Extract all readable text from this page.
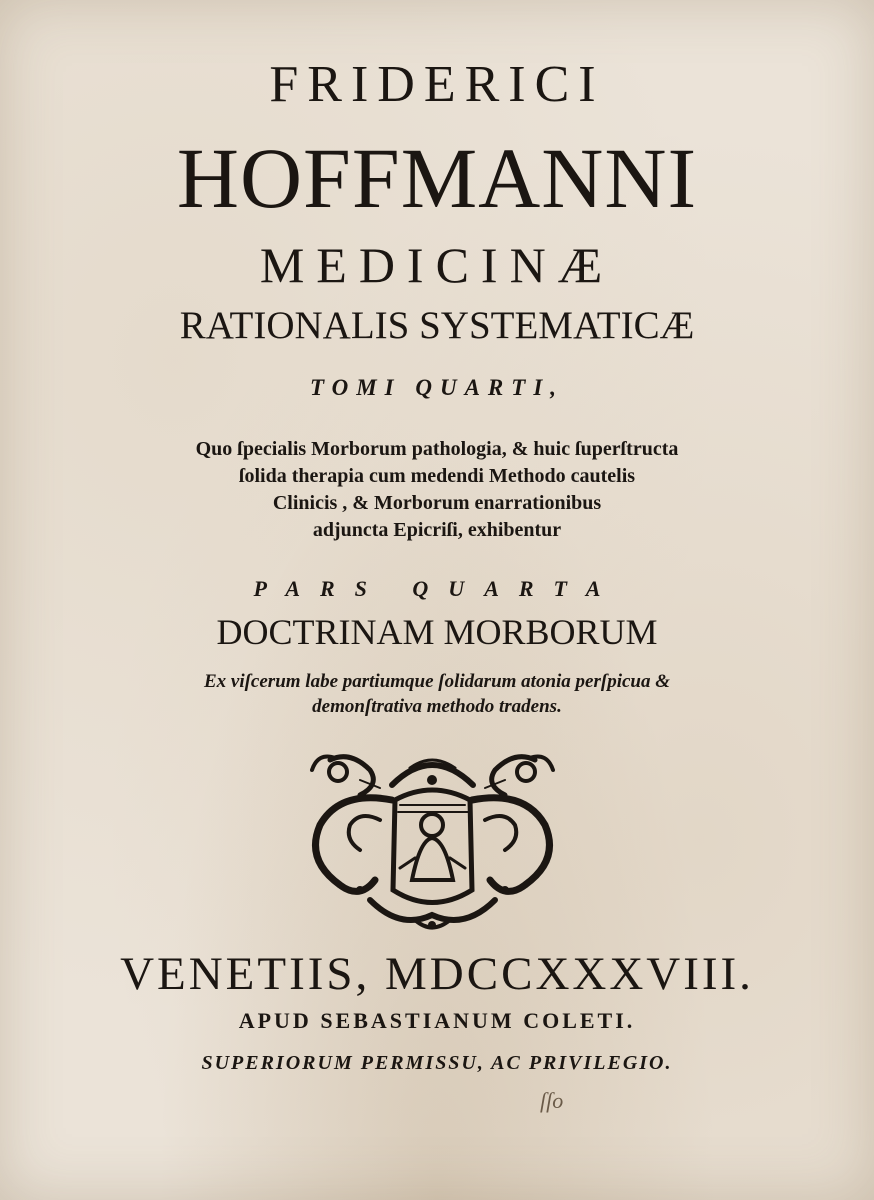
FRIDERICI
HOFFMANNI
MEDICINÆ
RATIONALIS SYSTEMATICÆ
TOMI QUARTI,
Quo ſpecialis Morborum pathologia, & huic ſuperſtructa
ſolida therapia cum medendi Methodo cautelis
Clinicis , & Morborum enarrationibus
adjuncta Epicriſi, exhibentur
PARS QUARTA
DOCTRINAM MORBORUM
Ex viſcerum labe partiumque ſolidarum atonia perſpicua &
demonſtrativa methodo tradens.
VENETIIS, MDCCXXXVIII.
APUD SEBASTIANUM COLETI.
SUPERIORUM PERMISSU, AC PRIVILEGIO.
ſſo
